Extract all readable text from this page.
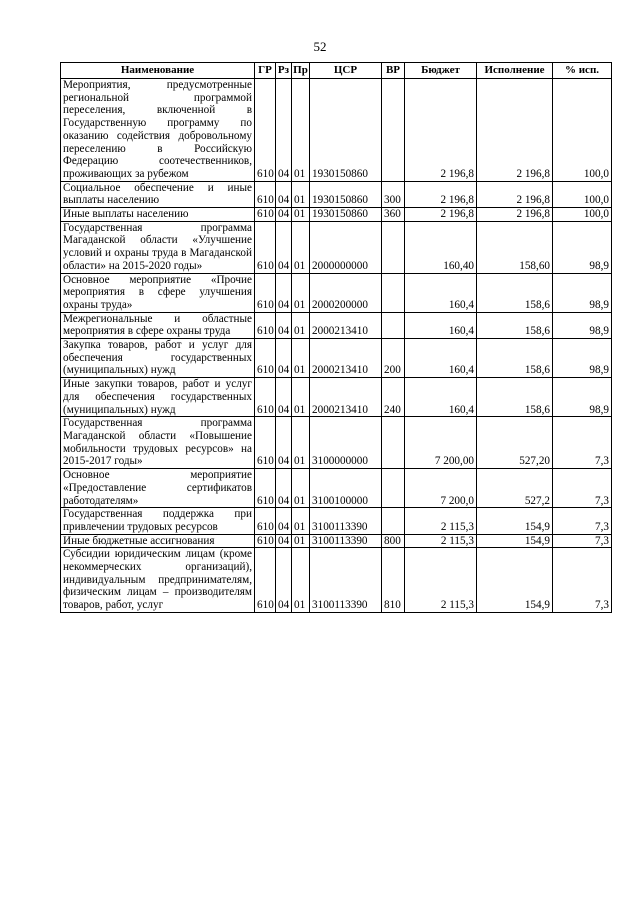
52
Наименование	ГР	Рз	Пр	ЦСР	ВР	Бюджет	Исполнение	% исп.
Мероприятия, предусмотренные региональной программой переселения, включенной в Государственную программу по оказанию содействия добровольному переселению в Российскую Федерацию соотечественников, проживающих за рубежом	610	04	01	1930150860		2 196,8	2 196,8	100,0
Социальное обеспечение и иные выплаты населению	610	04	01	1930150860	300	2 196,8	2 196,8	100,0
Иные выплаты населению	610	04	01	1930150860	360	2 196,8	2 196,8	100,0
Государственная программа Магаданской области «Улучшение условий и охраны труда в Магаданской области» на 2015-2020 годы»	610	04	01	2000000000		160,40	158,60	98,9
Основное мероприятие «Прочие мероприятия в сфере улучшения охраны труда»	610	04	01	2000200000		160,4	158,6	98,9
Межрегиональные и областные мероприятия в сфере охраны труда	610	04	01	2000213410		160,4	158,6	98,9
Закупка товаров, работ и услуг для обеспечения государственных (муниципальных) нужд	610	04	01	2000213410	200	160,4	158,6	98,9
Иные закупки товаров, работ и услуг для обеспечения государственных (муниципальных) нужд	610	04	01	2000213410	240	160,4	158,6	98,9
Государственная программа Магаданской области «Повышение мобильности трудовых ресурсов» на 2015-2017 годы»	610	04	01	3100000000		7 200,00	527,20	7,3
Основное мероприятие «Предоставление сертификатов работодателям»	610	04	01	3100100000		7 200,0	527,2	7,3
Государственная поддержка при привлечении трудовых ресурсов	610	04	01	3100113390		2 115,3	154,9	7,3
Иные бюджетные ассигнования	610	04	01	3100113390	800	2 115,3	154,9	7,3
Субсидии юридическим лицам (кроме некоммерческих организаций), индивидуальным предпринимателям, физическим лицам – производителям товаров, работ, услуг	610	04	01	3100113390	810	2 115,3	154,9	7,3
